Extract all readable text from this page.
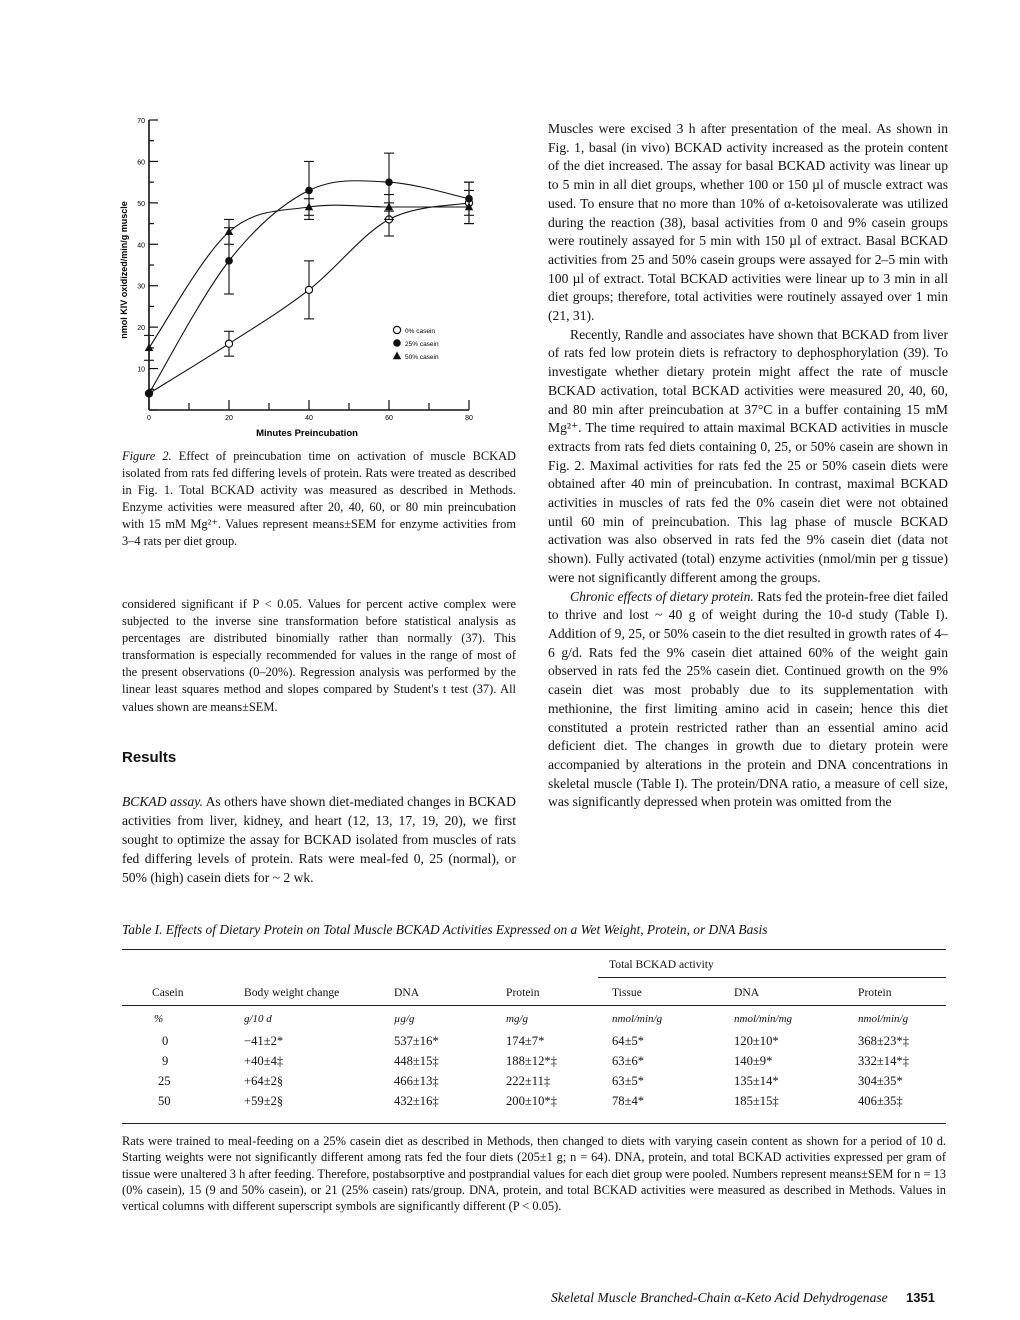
70
60
50
40
30
20
10
0	20	40	60	80
0% casein
25% casein
50% casein
nmol KIV oxidized/min/g muscle
Minutes Preincubation
Figure 2. Effect of preincubation time on activation of muscle BCKAD isolated from rats fed differing levels of protein. Rats were treated as described in Fig. 1. Total BCKAD activity was measured as described in Methods. Enzyme activities were measured after 20, 40, 60, or 80 min preincubation with 15 mM Mg²⁺. Values represent means±SEM for enzyme activities from 3–4 rats per diet group.
considered significant if P < 0.05. Values for percent active complex were subjected to the inverse sine transformation before statistical analysis as percentages are distributed binomially rather than normally (37). This transformation is especially recommended for values in the range of most of the present observations (0–20%). Regression analysis was performed by the linear least squares method and slopes compared by Student's t test (37). All values shown are means±SEM.
Results
BCKAD assay. As others have shown diet-mediated changes in BCKAD activities from liver, kidney, and heart (12, 13, 17, 19, 20), we first sought to optimize the assay for BCKAD isolated from muscles of rats fed differing levels of protein. Rats were meal-fed 0, 25 (normal), or 50% (high) casein diets for ~ 2 wk.

Muscles were excised 3 h after presentation of the meal. As shown in Fig. 1, basal (in vivo) BCKAD activity increased as the protein content of the diet increased. The assay for basal BCKAD activity was linear up to 5 min in all diet groups, whether 100 or 150 µl of muscle extract was used. To ensure that no more than 10% of α-ketoisovalerate was utilized during the reaction (38), basal activities from 0 and 9% casein groups were routinely assayed for 5 min with 150 µl of extract. Basal BCKAD activities from 25 and 50% casein groups were assayed for 2–5 min with 100 µl of extract. Total BCKAD activities were linear up to 3 min in all diet groups; therefore, total activities were routinely assayed over 1 min (21, 31).

Recently, Randle and associates have shown that BCKAD from liver of rats fed low protein diets is refractory to dephosphorylation (39). To investigate whether dietary protein might affect the rate of muscle BCKAD activation, total BCKAD activities were measured 20, 40, 60, and 80 min after preincubation at 37°C in a buffer containing 15 mM Mg²⁺. The time required to attain maximal BCKAD activities in muscle extracts from rats fed diets containing 0, 25, or 50% casein are shown in Fig. 2. Maximal activities for rats fed the 25 or 50% casein diets were obtained after 40 min of preincubation. In contrast, maximal BCKAD activities in muscles of rats fed the 0% casein diet were not obtained until 60 min of preincubation. This lag phase of muscle BCKAD activation was also observed in rats fed the 9% casein diet (data not shown). Fully activated (total) enzyme activities (nmol/min per g tissue) were not significantly different among the groups.

Chronic effects of dietary protein. Rats fed the protein-free diet failed to thrive and lost ~ 40 g of weight during the 10-d study (Table I). Addition of 9, 25, or 50% casein to the diet resulted in growth rates of 4–6 g/d. Rats fed the 9% casein diet attained 60% of the weight gain observed in rats fed the 25% casein diet. Continued growth on the 9% casein diet was most probably due to its supplementation with methionine, the first limiting amino acid in casein; hence this diet constituted a protein restricted rather than an essential amino acid deficient diet. The changes in growth due to dietary protein were accompanied by alterations in the protein and DNA concentrations in skeletal muscle (Table I). The protein/DNA ratio, a measure of cell size, was significantly depressed when protein was omitted from the

Table I. Effects of Dietary Protein on Total Muscle BCKAD Activities Expressed on a Wet Weight, Protein, or DNA Basis
Total BCKAD activity
Casein	Body weight change	DNA	Protein	Tissue	DNA	Protein
%	g/10 d	µg/g	mg/g	nmol/min/g	nmol/min/mg	nmol/min/g
0	−41±2*	537±16*	174±7*	64±5*	120±10*	368±23*‡
9	+40±4‡	448±15‡	188±12*‡	63±6*	140±9*	332±14*‡
25	+64±2§	466±13‡	222±11‡	63±5*	135±14*	304±35*
50	+59±2§	432±16‡	200±10*‡	78±4*	185±15‡	406±35‡
Rats were trained to meal-feeding on a 25% casein diet as described in Methods, then changed to diets with varying casein content as shown for a period of 10 d. Starting weights were not significantly different among rats fed the four diets (205±1 g; n = 64). DNA, protein, and total BCKAD activities expressed per gram of tissue were unaltered 3 h after feeding. Therefore, postabsorptive and postprandial values for each diet group were pooled. Numbers represent means±SEM for n = 13 (0% casein), 15 (9 and 50% casein), or 21 (25% casein) rats/group. DNA, protein, and total BCKAD activities were measured as described in Methods. Values in vertical columns with different superscript symbols are significantly different (P < 0.05).
Skeletal Muscle Branched-Chain α-Keto Acid Dehydrogenase 1351
